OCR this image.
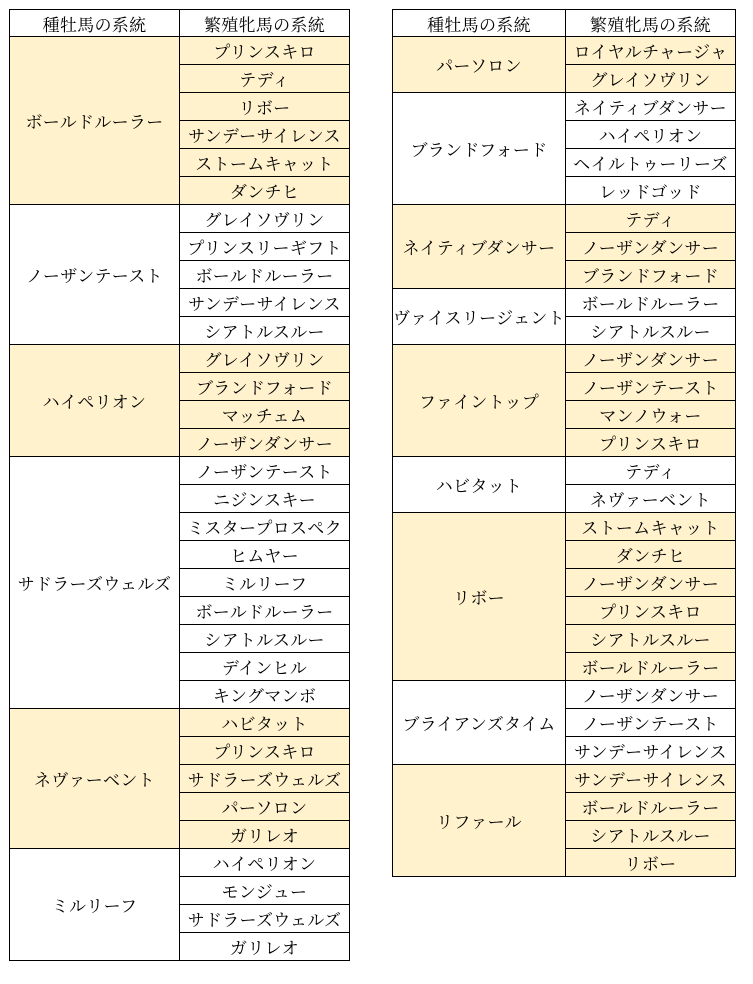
種牡馬の系統	繁殖牝馬の系統
ボールドルーラー	プリンスキロ
	テディ
	リボー
	サンデーサイレンス
	ストームキャット
	ダンチヒ
ノーザンテースト	グレイソヴリン
	プリンスリーギフト
	ボールドルーラー
	サンデーサイレンス
	シアトルスルー
ハイペリオン	グレイソヴリン
	ブランドフォード
	マッチェム
	ノーザンダンサー
サドラーズウェルズ	ノーザンテースト
	ニジンスキー
	ミスタープロスペク
	ヒムヤー
	ミルリーフ
	ボールドルーラー
	シアトルスルー
	デインヒル
	キングマンボ
ネヴァーベント	ハビタット
	プリンスキロ
	サドラーズウェルズ
	パーソロン
	ガリレオ
ミルリーフ	ハイペリオン
	モンジュー
	サドラーズウェルズ
	ガリレオ
種牡馬の系統	繁殖牝馬の系統
パーソロン	ロイヤルチャージャ
	グレイソヴリン
ブランドフォード	ネイティブダンサー
	ハイペリオン
	ヘイルトゥーリーズ
	レッドゴッド
ネイティブダンサー	テディ
	ノーザンダンサー
	ブランドフォード
ヴァイスリージェント	ボールドルーラー
	シアトルスルー
ファイントップ	ノーザンダンサー
	ノーザンテースト
	マンノウォー
	プリンスキロ
ハビタット	テディ
	ネヴァーベント
リボー	ストームキャット
	ダンチヒ
	ノーザンダンサー
	プリンスキロ
	シアトルスルー
	ボールドルーラー
ブライアンズタイム	ノーザンダンサー
	ノーザンテースト
	サンデーサイレンス
リファール	サンデーサイレンス
	ボールドルーラー
	シアトルスルー
	リボー
